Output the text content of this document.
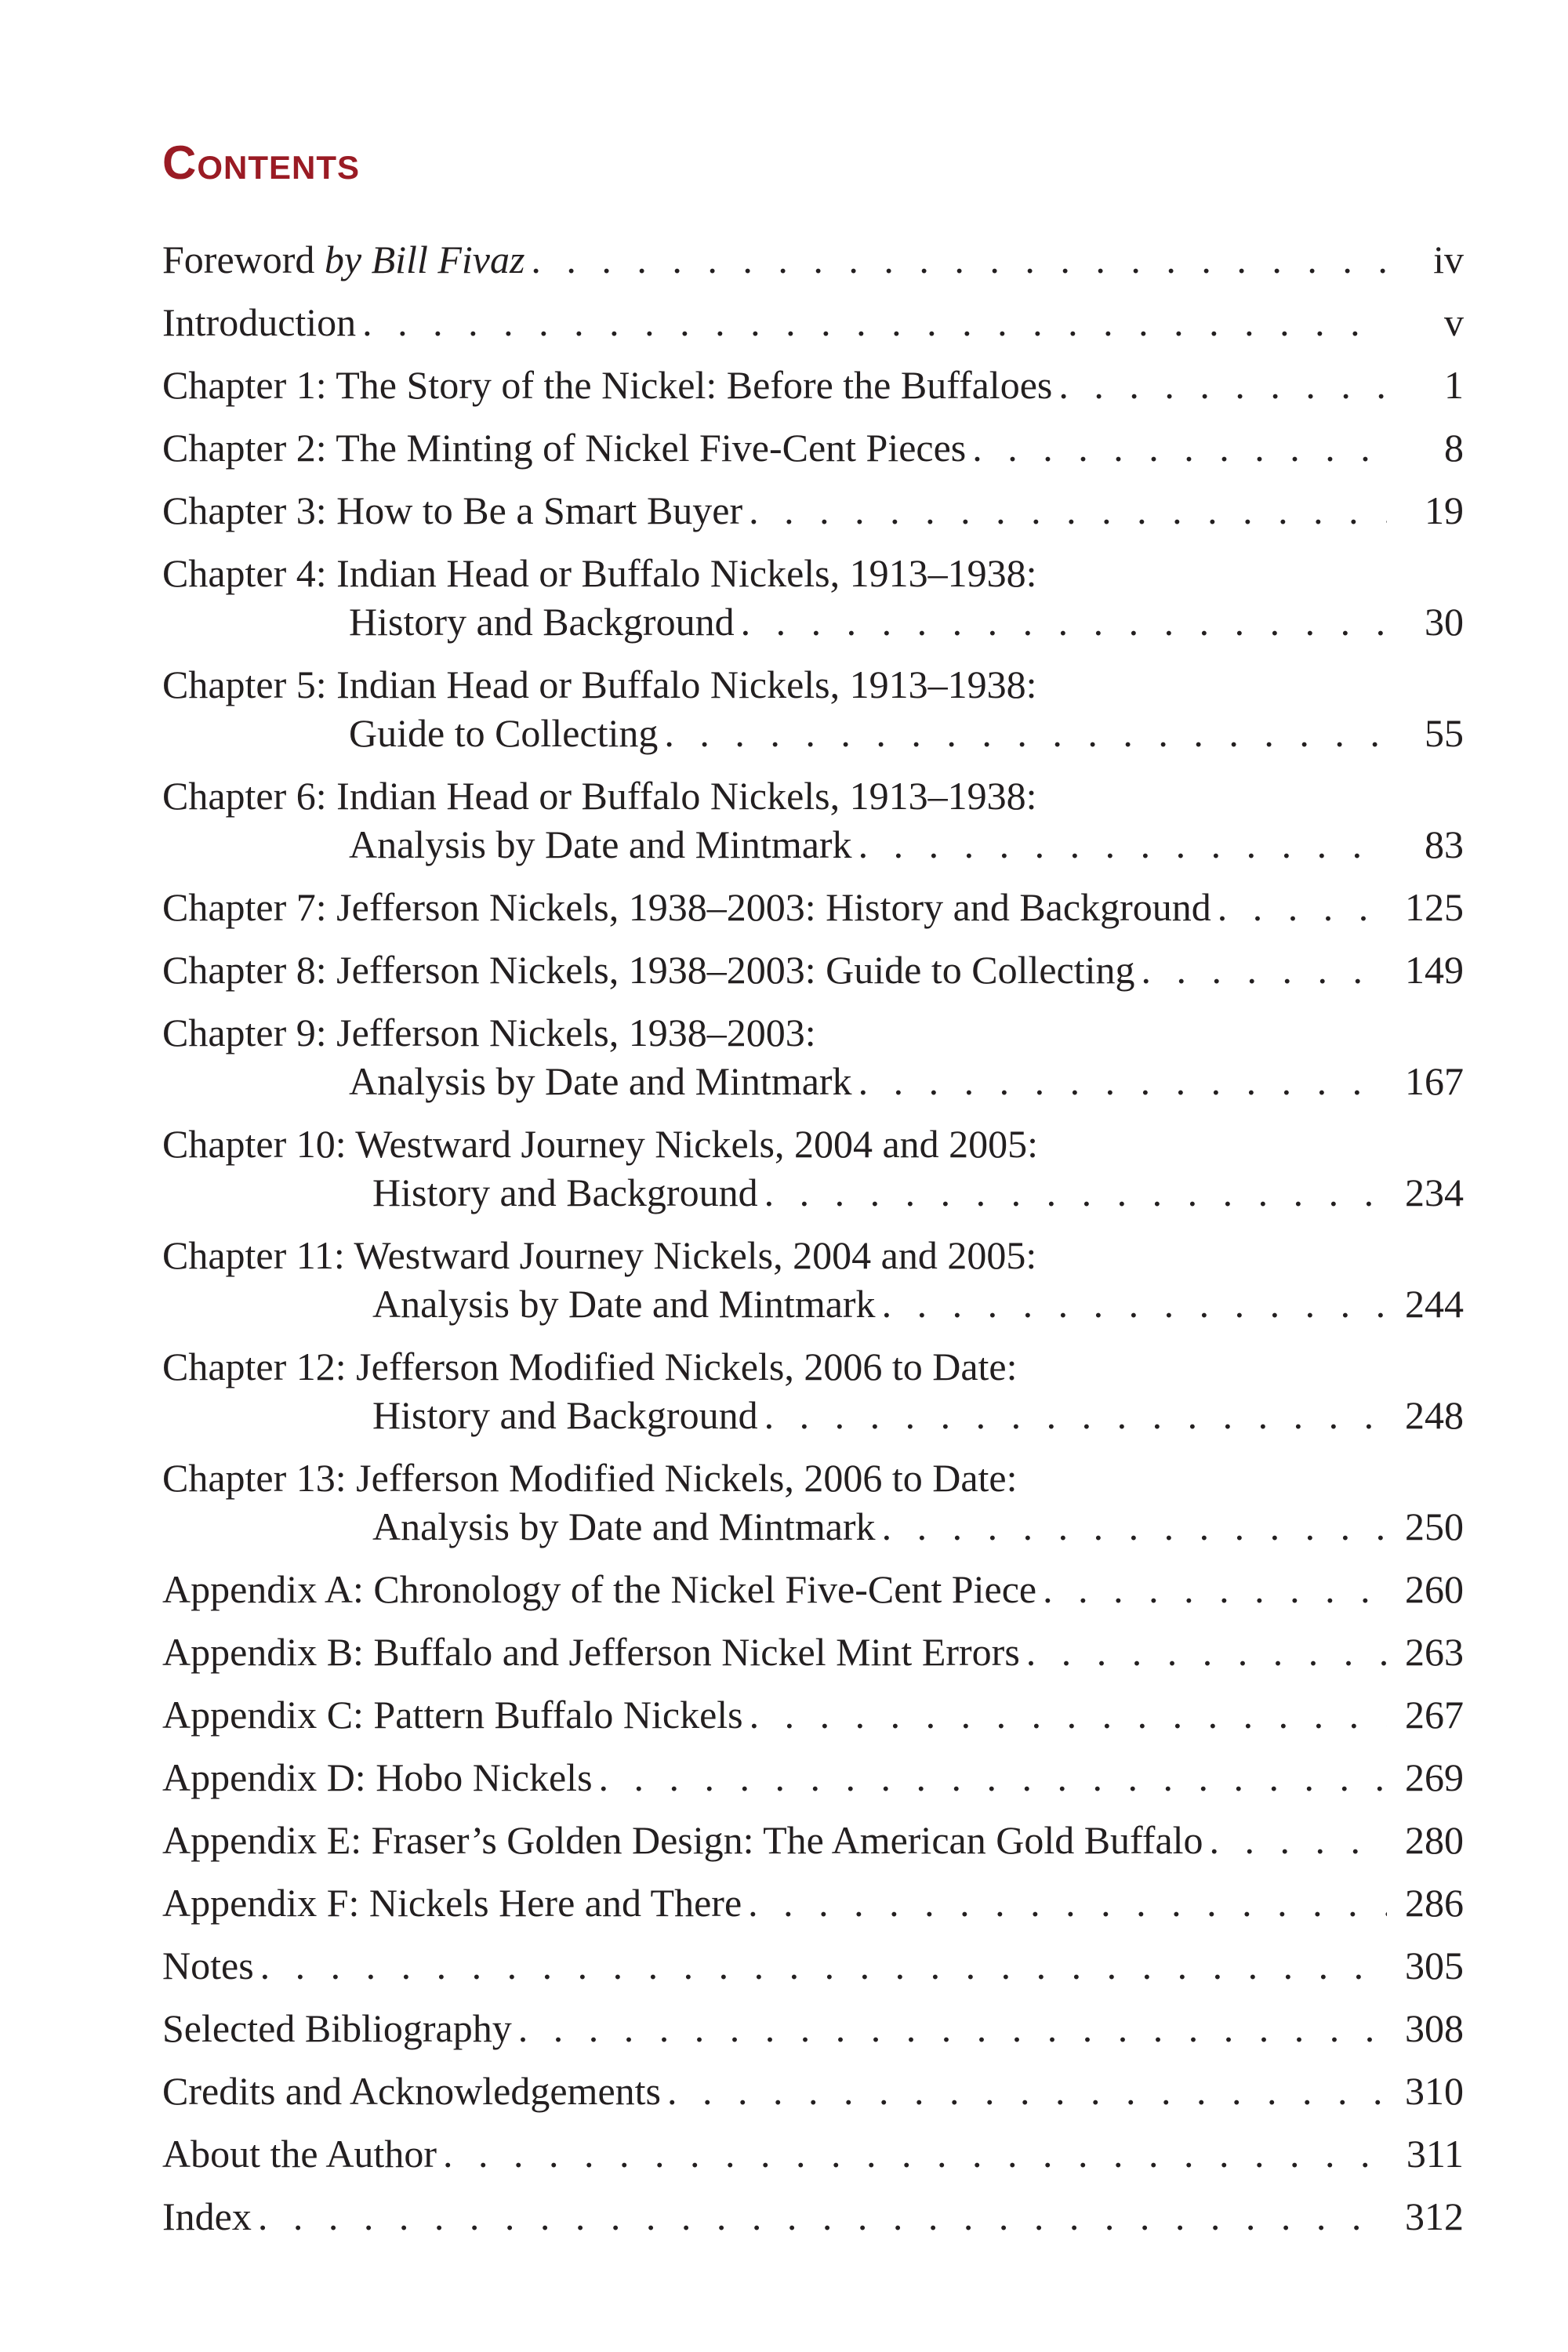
Contents
Foreword by Bill Fivaz . . .	iv
Introduction . . .	v
Chapter 1: The Story of the Nickel: Before the Buffaloes . . .	1
Chapter 2: The Minting of Nickel Five-Cent Pieces . . .	8
Chapter 3: How to Be a Smart Buyer . . .	19
Chapter 4: Indian Head or Buffalo Nickels, 1913–1938:
History and Background . . .	30
Chapter 5: Indian Head or Buffalo Nickels, 1913–1938:
Guide to Collecting . . .	55
Chapter 6: Indian Head or Buffalo Nickels, 1913–1938:
Analysis by Date and Mintmark . . .	83
Chapter 7: Jefferson Nickels, 1938–2003: History and Background . . .	125
Chapter 8: Jefferson Nickels, 1938–2003: Guide to Collecting . . .	149
Chapter 9: Jefferson Nickels, 1938–2003:
Analysis by Date and Mintmark . . .	167
Chapter 10: Westward Journey Nickels, 2004 and 2005:
History and Background . . .	234
Chapter 11: Westward Journey Nickels, 2004 and 2005:
Analysis by Date and Mintmark . . .	244
Chapter 12: Jefferson Modified Nickels, 2006 to Date:
History and Background . . .	248
Chapter 13: Jefferson Modified Nickels, 2006 to Date:
Analysis by Date and Mintmark . . .	250
Appendix A: Chronology of the Nickel Five-Cent Piece . . .	260
Appendix B: Buffalo and Jefferson Nickel Mint Errors . . .	263
Appendix C: Pattern Buffalo Nickels . . .	267
Appendix D: Hobo Nickels . . .	269
Appendix E: Fraser’s Golden Design: The American Gold Buffalo . . .	280
Appendix F: Nickels Here and There . . .	286
Notes . . .	305
Selected Bibliography . . .	308
Credits and Acknowledgements . . .	310
About the Author . . .	311
Index . . .	312
